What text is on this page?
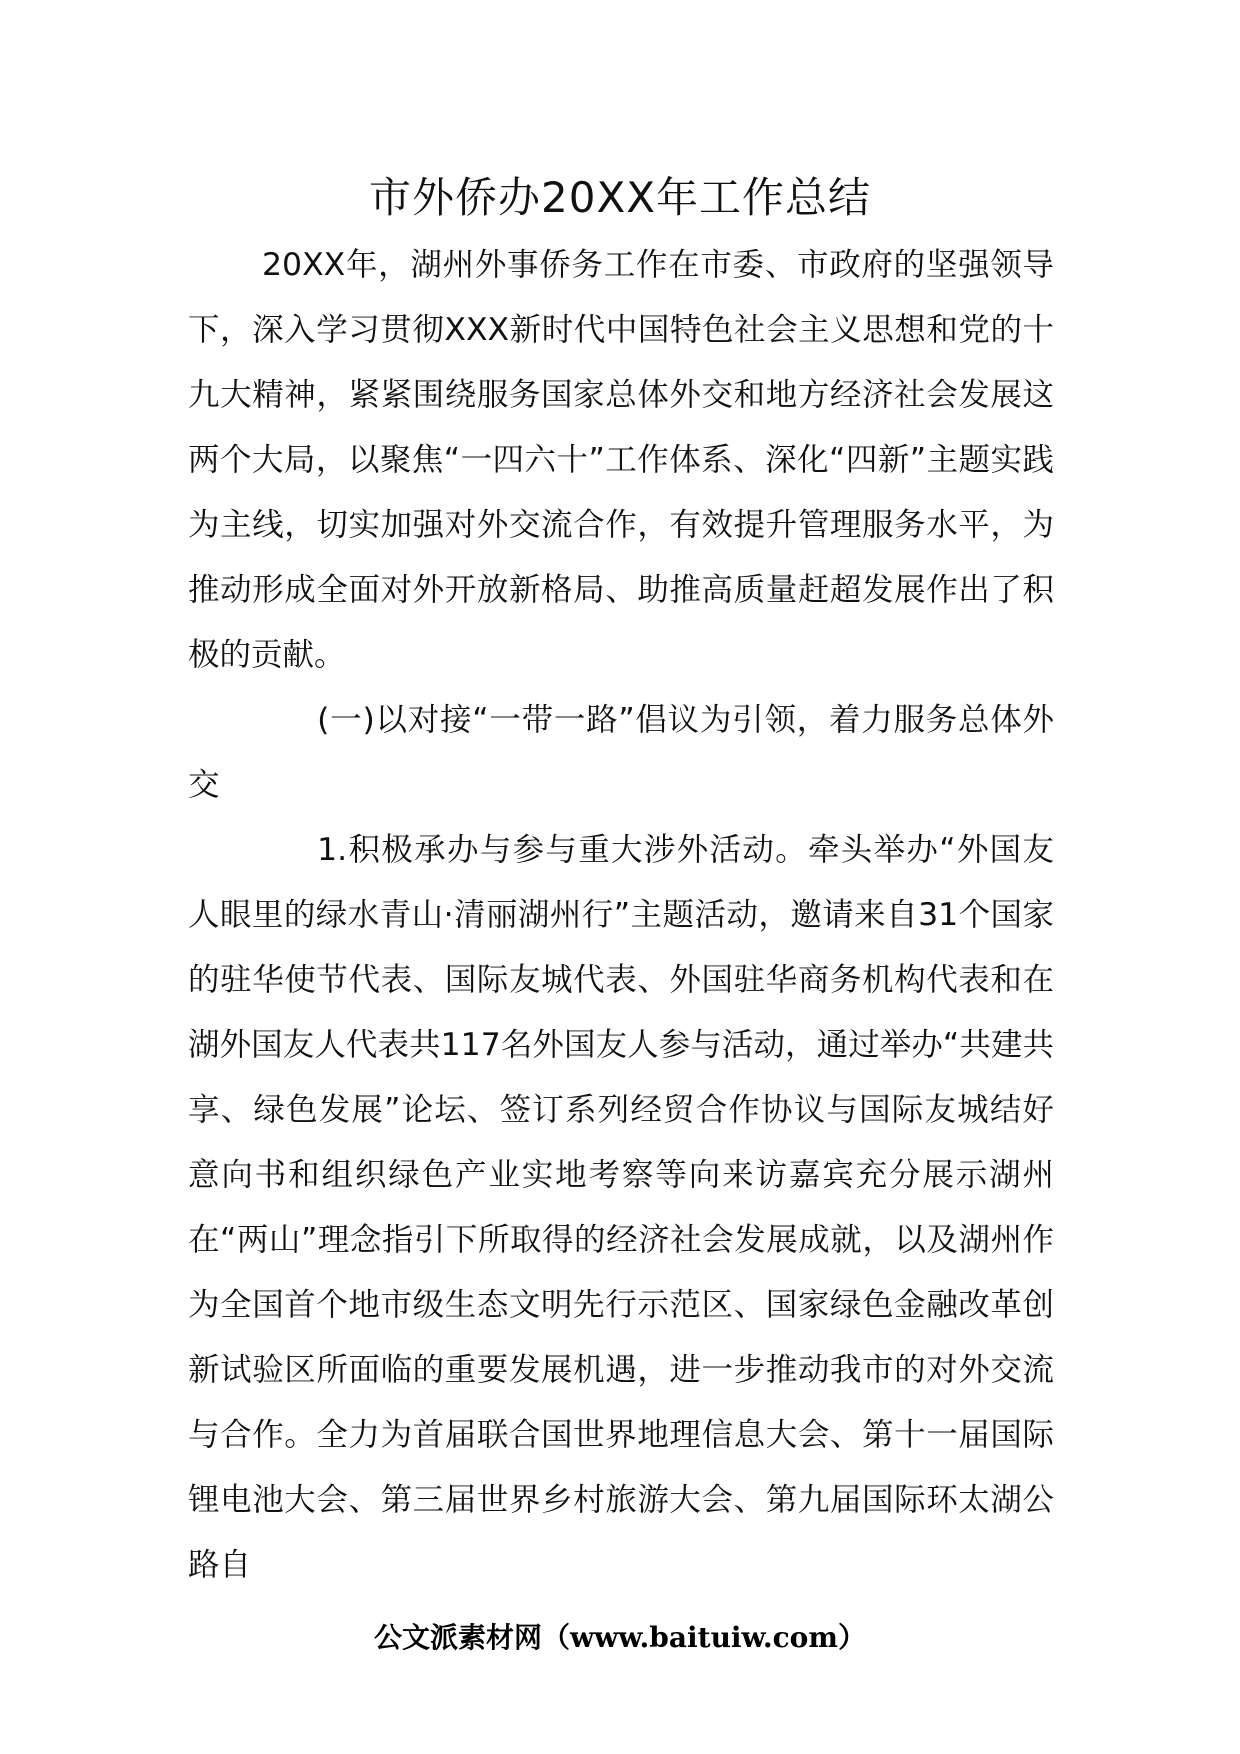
市外侨办20XX年工作总结

20XX年，湖州外事侨务工作在市委、市政府的坚强领导下，深入学习贯彻XXX新时代中国特色社会主义思想和党的十九大精神，紧紧围绕服务国家总体外交和地方经济社会发展这两个大局，以聚焦“一四六十”工作体系、深化“四新”主题实践为主线，切实加强对外交流合作，有效提升管理服务水平，为推动形成全面对外开放新格局、助推高质量赶超发展作出了积极的贡献。

(一)以对接“一带一路”倡议为引领，着力服务总体外交

1.积极承办与参与重大涉外活动。牵头举办“外国友人眼里的绿水青山·清丽湖州行”主题活动，邀请来自31个国家的驻华使节代表、国际友城代表、外国驻华商务机构代表和在湖外国友人代表共117名外国友人参与活动，通过举办“共建共享、绿色发展”论坛、签订系列经贸合作协议与国际友城结好意向书和组织绿色产业实地考察等向来访嘉宾充分展示湖州在“两山”理念指引下所取得的经济社会发展成就，以及湖州作为全国首个地市级生态文明先行示范区、国家绿色金融改革创新试验区所面临的重要发展机遇，进一步推动我市的对外交流与合作。全力为首届联合国世界地理信息大会、第十一届国际锂电池大会、第三届世界乡村旅游大会、第九届国际环太湖公路自

公文派素材网（www.baituiw.com）
